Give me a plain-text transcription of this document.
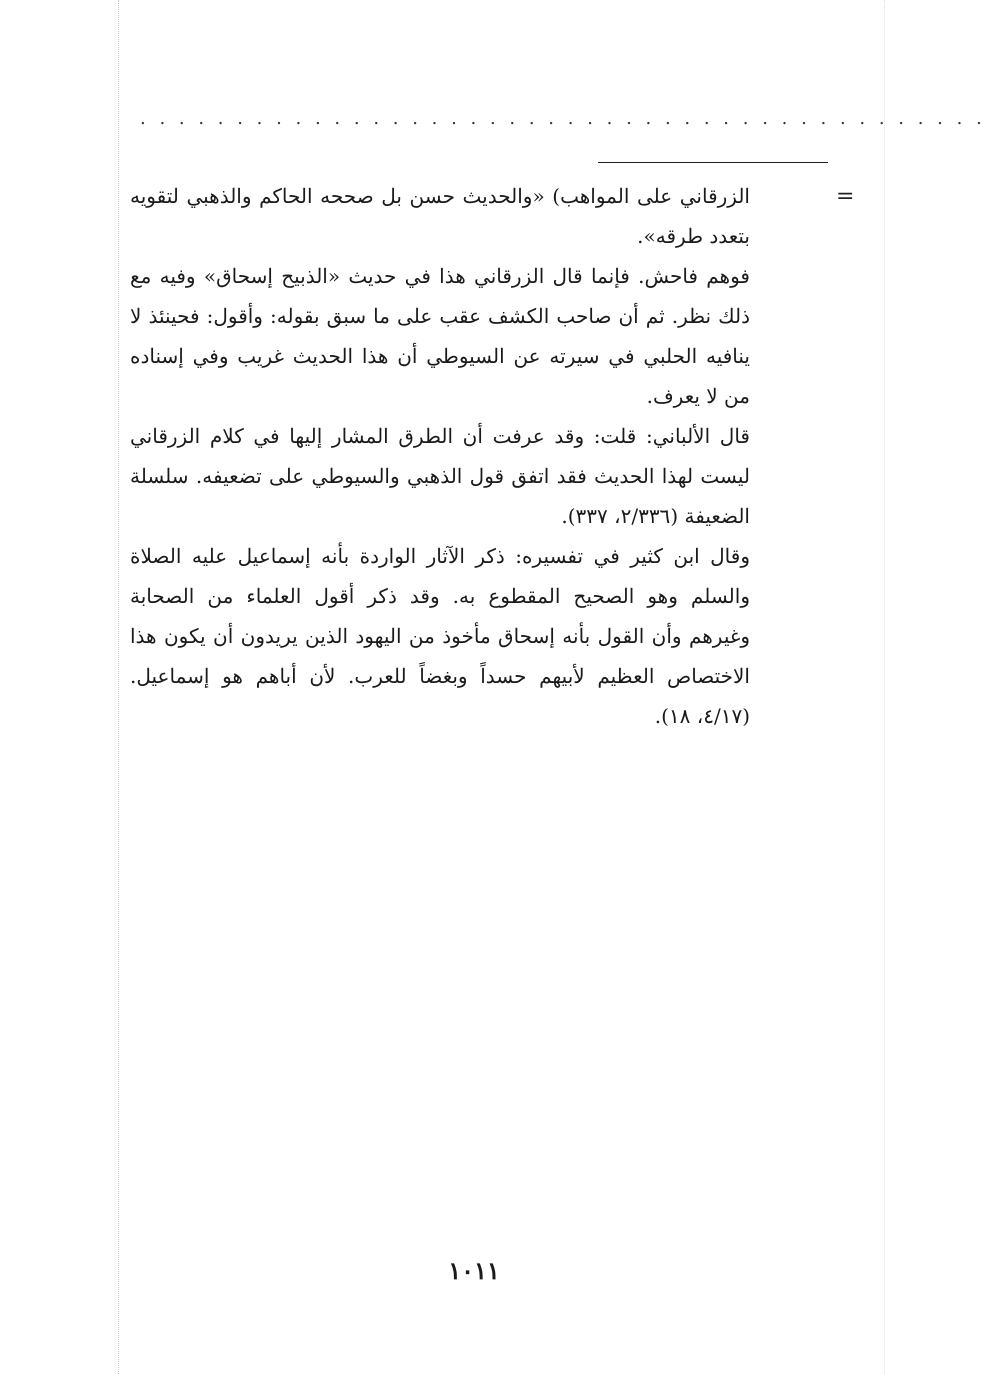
. . . . . . . . . . . . . . . . . . . . . . . . . . . . . . . . . . . . . . . . . . . .
=

الزرقاني على المواهب) «والحديث حسن بل صححه الحاكم والذهبي لتقويه بتعدد طرقه».

فوهم فاحش. فإنما قال الزرقاني هذا في حديث «الذبيح إسحاق» وفيه مع ذلك نظر. ثم أن صاحب الكشف عقب على ما سبق بقوله: وأقول: فحينئذ لا ينافيه الحلبي في سيرته عن السيوطي أن هذا الحديث غريب وفي إسناده من لا يعرف.

قال الألباني: قلت: وقد عرفت أن الطرق المشار إليها في كلام الزرقاني ليست لهذا الحديث فقد اتفق قول الذهبي والسيوطي على تضعيفه. سلسلة الضعيفة (٢/٣٣٦، ٣٣٧).

وقال ابن كثير في تفسيره: ذكر الآثار الواردة بأنه إسماعيل عليه الصلاة والسلم وهو الصحيح المقطوع به. وقد ذكر أقول العلماء من الصحابة وغيرهم وأن القول بأنه إسحاق مأخوذ من اليهود الذين يريدون أن يكون هذا الاختصاص العظيم لأبيهم حسداً وبغضاً للعرب. لأن أباهم هو إسماعيل. (٤/١٧، ١٨).

١٠١١
